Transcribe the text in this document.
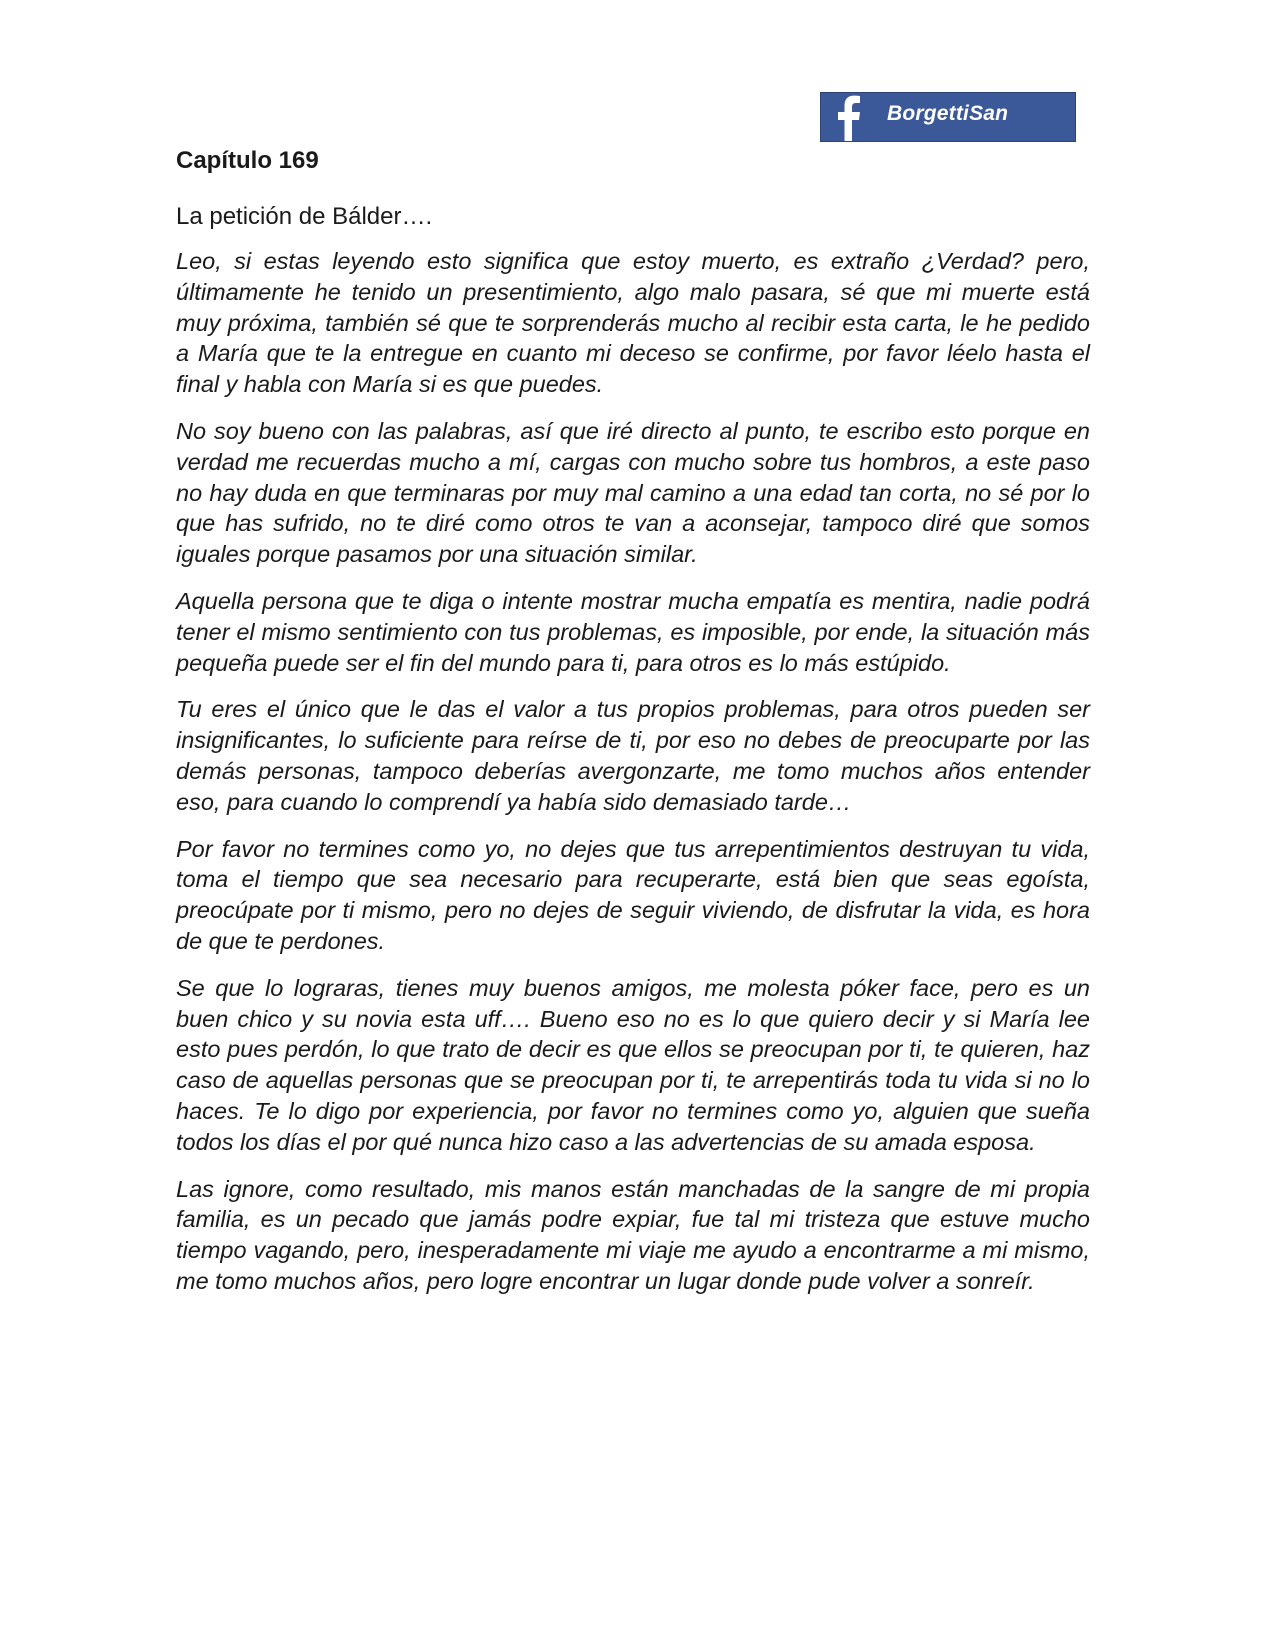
BorgettiSan
Capítulo 169
La petición de Bálder….

Leo, si estas leyendo esto significa que estoy muerto, es extraño ¿Verdad? pero, últimamente he tenido un presentimiento, algo malo pasara, sé que mi muerte está muy próxima, también sé que te sorprenderás mucho al recibir esta carta, le he pedido a María que te la entregue en cuanto mi deceso se confirme, por favor léelo hasta el final y habla con María si es que puedes.

No soy bueno con las palabras, así que iré directo al punto, te escribo esto porque en verdad me recuerdas mucho a mí, cargas con mucho sobre tus hombros, a este paso no hay duda en que terminaras por muy mal camino a una edad tan corta, no sé por lo que has sufrido, no te diré como otros te van a aconsejar, tampoco diré que somos iguales porque pasamos por una situación similar.

Aquella persona que te diga o intente mostrar mucha empatía es mentira, nadie podrá tener el mismo sentimiento con tus problemas, es imposible, por ende, la situación más pequeña puede ser el fin del mundo para ti, para otros es lo más estúpido.

Tu eres el único que le das el valor a tus propios problemas, para otros pueden ser insignificantes, lo suficiente para reírse de ti, por eso no debes de preocuparte por las demás personas, tampoco deberías avergonzarte, me tomo muchos años entender eso, para cuando lo comprendí ya había sido demasiado tarde…

Por favor no termines como yo, no dejes que tus arrepentimientos destruyan tu vida, toma el tiempo que sea necesario para recuperarte, está bien que seas egoísta, preocúpate por ti mismo, pero no dejes de seguir viviendo, de disfrutar la vida, es hora de que te perdones.

Se que lo lograras, tienes muy buenos amigos, me molesta póker face, pero es un buen chico y su novia esta uff…. Bueno eso no es lo que quiero decir y si María lee esto pues perdón, lo que trato de decir es que ellos se preocupan por ti, te quieren, haz caso de aquellas personas que se preocupan por ti, te arrepentirás toda tu vida si no lo haces. Te lo digo por experiencia, por favor no termines como yo, alguien que sueña todos los días el por qué nunca hizo caso a las advertencias de su amada esposa.

Las ignore, como resultado, mis manos están manchadas de la sangre de mi propia familia, es un pecado que jamás podre expiar, fue tal mi tristeza que estuve mucho tiempo vagando, pero, inesperadamente mi viaje me ayudo a encontrarme a mi mismo, me tomo muchos años, pero logre encontrar un lugar donde pude volver a sonreír.
